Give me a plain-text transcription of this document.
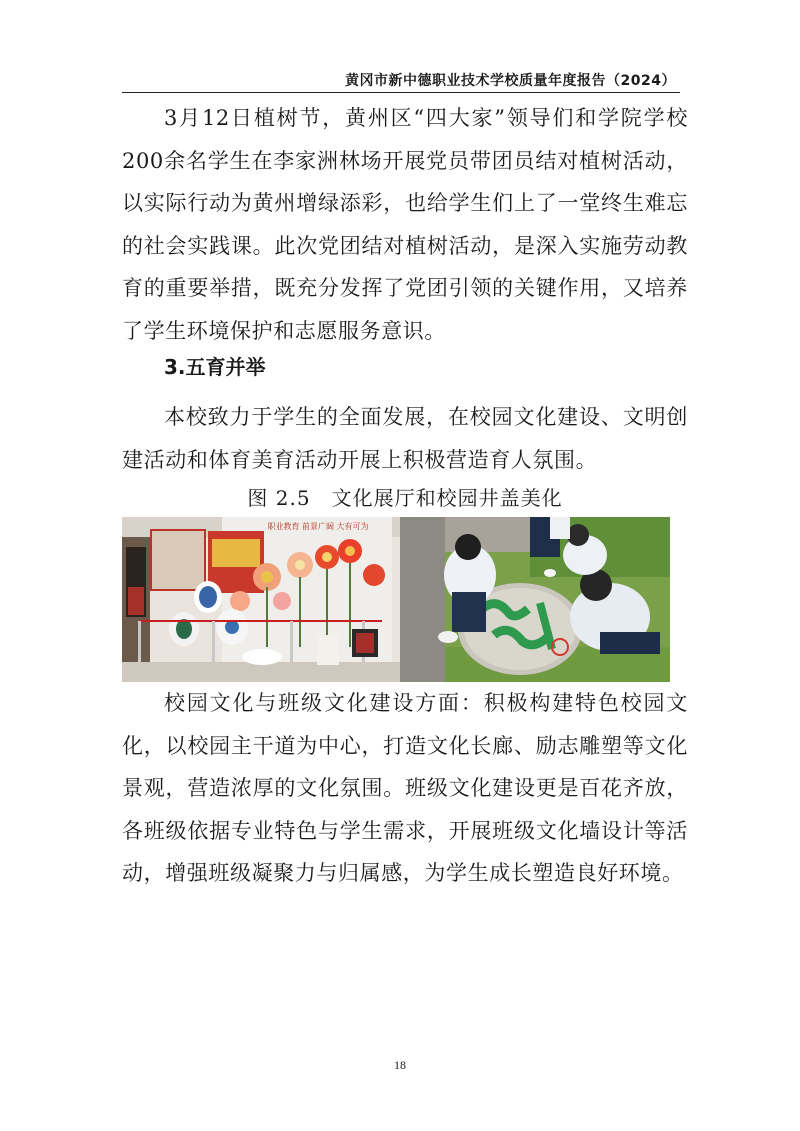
黄冈市新中德职业技术学校质量年度报告（2024）

3月12日植树节，黄州区“四大家”领导们和学院学校200余名学生在李家洲林场开展党员带团员结对植树活动，以实际行动为黄州增绿添彩，也给学生们上了一堂终生难忘的社会实践课。此次党团结对植树活动，是深入实施劳动教育的重要举措，既充分发挥了党团引领的关键作用，又培养了学生环境保护和志愿服务意识。

3.五育并举

本校致力于学生的全面发展，在校园文化建设、文明创建活动和体育美育活动开展上积极营造育人氛围。

图 2.5　文化展厅和校园井盖美化

职业教育 前景广阔 大有可为

校园文化与班级文化建设方面：积极构建特色校园文化，以校园主干道为中心，打造文化长廊、励志雕塑等文化景观，营造浓厚的文化氛围。班级文化建设更是百花齐放，各班级依据专业特色与学生需求，开展班级文化墙设计等活动，增强班级凝聚力与归属感，为学生成长塑造良好环境。

18
